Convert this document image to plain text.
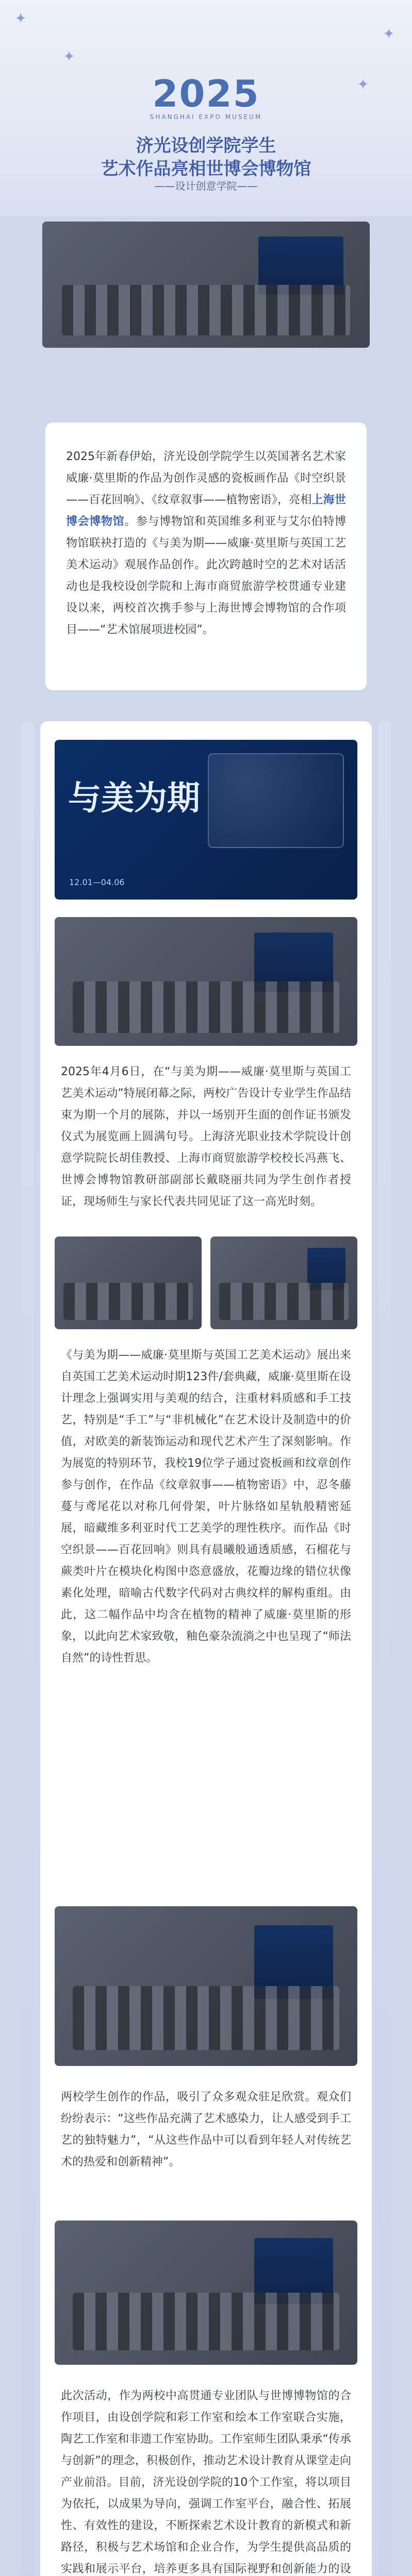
✦
✦
✦
✦
2025
SHANGHAI EXPO MUSEUM
济光设创学院学生
艺术作品亮相世博会博物馆
——设计创意学院——
2025年新春伊始，济光设创学院学生以英国著名艺术家威廉·莫里斯的作品为创作灵感的瓷板画作品《时空织景——百花回响》、《纹章叙事——植物密语》，亮相上海世博会博物馆。参与博物馆和英国维多利亚与艾尔伯特博物馆联袂打造的《与美为期——威廉·莫里斯与英国工艺美术运动》观展作品创作。此次跨越时空的艺术对话活动也是我校设创学院和上海市商贸旅游学校贯通专业建设以来，两校首次携手参与上海世博会博物馆的合作项目——“艺术馆展项进校园”。
与美为期
12.01—04.06
2025年4月6日，在“与美为期——威廉·莫里斯与英国工艺美术运动”特展闭幕之际，两校广告设计专业学生作品结束为期一个月的展陈，并以一场别开生面的创作证书颁发仪式为展览画上圆满句号。上海济光职业技术学院设计创意学院院长胡佳教授、上海市商贸旅游学校校长冯燕飞、世博会博物馆教研部副部长戴晓丽共同为学生创作者授证，现场师生与家长代表共同见证了这一高光时刻。
《与美为期——威廉·莫里斯与英国工艺美术运动》展出来自英国工艺美术运动时期123件/套典藏，威廉·莫里斯在设计理念上强调实用与美观的结合，注重材料质感和手工技艺，特别是“手工”与“非机械化”在艺术设计及制造中的价值，对欧美的新装饰运动和现代艺术产生了深刻影响。作为展览的特别环节，我校19位学子通过瓷板画和纹章创作参与创作，在作品《纹章叙事——植物密语》中，忍冬藤蔓与鸢尾花以对称几何骨架，叶片脉络如星轨般精密延展，暗藏维多利亚时代工艺美学的理性秩序。而作品《时空织景——百花回响》则具有晨曦般通透质感，石榴花与蕨类叶片在模块化构图中恣意盛放，花瓣边缘的错位状像素化处理，暗喻古代数字代码对古典纹样的解构重组。由此，这二幅作品中均含在植物的精神了威廉·莫里斯的形象，以此向艺术家致敬，釉色豪杂流淌之中也呈现了“师法自然”的诗性哲思。
两校学生创作的作品，吸引了众多观众驻足欣赏。观众们纷纷表示：“这些作品充满了艺术感染力，让人感受到手工艺的独特魅力”，“从这些作品中可以看到年轻人对传统艺术的热爱和创新精神”。
此次活动，作为两校中高贯通专业团队与世博博物馆的合作项目，由设创学院和彩工作室和绘本工作室联合实施，陶艺工作室和非遗工作室协助。工作室师生团队秉承“传承与创新”的理念，积极创作，推动艺术设计教育从课堂走向产业前沿。目前，济光设创学院的10个工作室，将以项目为依托，以成果为导向，强调工作室平台，融合性、拓展性、有效性的建设，不断探索艺术设计教育的新模式和新路径，积极与艺术场馆和企业合作，为学生提供高品质的实践和展示平台，培养更多具有国际视野和创新能力的设
